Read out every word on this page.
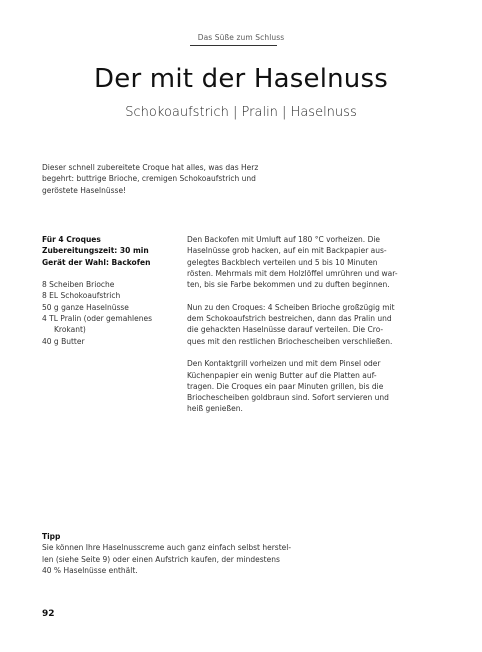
Das Süße zum Schluss
Der mit der Haselnuss
Schokoaufstrich | Pralin | Haselnuss
Dieser schnell zubereitete Croque hat alles, was das Herz
begehrt: buttrige Brioche, cremigen Schokoaufstrich und
geröstete Haselnüsse!
Für 4 Croques
Zubereitungszeit: 30 min
Gerät der Wahl: Backofen
8 Scheiben Brioche
8 EL Schokoaufstrich
50 g ganze Haselnüsse
4 TL Pralin (oder gemahlenes
Krokant)
40 g Butter
Den Backofen mit Umluft auf 180 °C vorheizen. Die
Haselnüsse grob hacken, auf ein mit Backpapier aus-
gelegtes Backblech verteilen und 5 bis 10 Minuten
rösten. Mehrmals mit dem Holzlöffel umrühren und war-
ten, bis sie Farbe bekommen und zu duften beginnen.
Nun zu den Croques: 4 Scheiben Brioche großzügig mit
dem Schokoaufstrich bestreichen, dann das Pralin und
die gehackten Haselnüsse darauf verteilen. Die Cro-
ques mit den restlichen Briochescheiben verschließen.
Den Kontaktgrill vorheizen und mit dem Pinsel oder
Küchenpapier ein wenig Butter auf die Platten auf-
tragen. Die Croques ein paar Minuten grillen, bis die
Briochescheiben goldbraun sind. Sofort servieren und
heiß genießen.
Tipp
Sie können Ihre Haselnusscreme auch ganz einfach selbst herstel-
len (siehe Seite 9) oder einen Aufstrich kaufen, der mindestens
40 % Haselnüsse enthält.
92
